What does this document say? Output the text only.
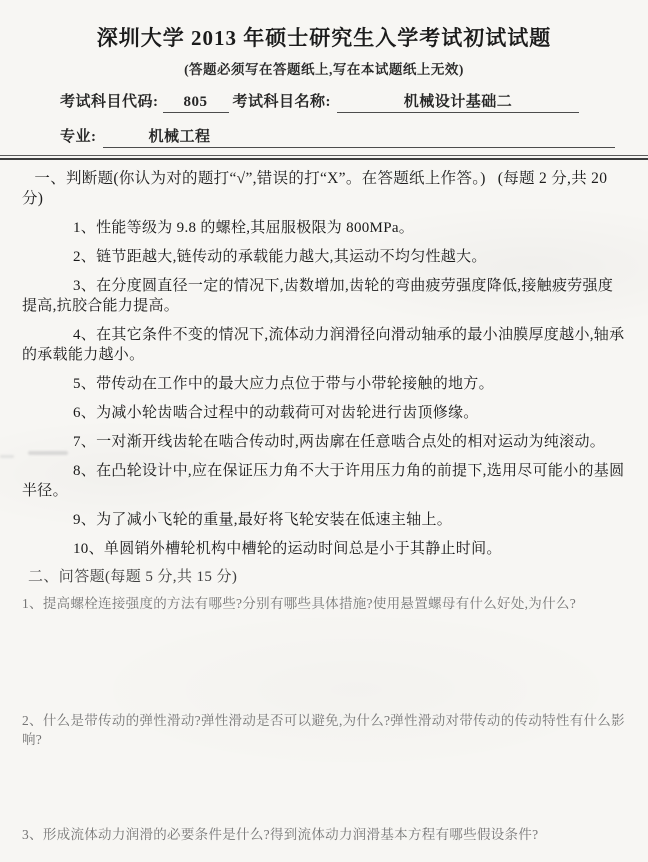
深圳大学 2013 年硕士研究生入学考试初试试题
(答题必须写在答题纸上,写在本试题纸上无效)
考试科目代码: 805 考试科目名称:	机械设计基础二
专业:	机械工程

一、判断题(你认为对的题打“√”,错误的打“X”。在答题纸上作答。) (每题 2 分,共 20 分)

1、性能等级为 9.8 的螺栓,其屈服极限为 800MPa。

2、链节距越大,链传动的承载能力越大,其运动不均匀性越大。

3、在分度圆直径一定的情况下,齿数增加,齿轮的弯曲疲劳强度降低,接触疲劳强度提高,抗胶合能力提高。

4、在其它条件不变的情况下,流体动力润滑径向滑动轴承的最小油膜厚度越小,轴承的承载能力越小。

5、带传动在工作中的最大应力点位于带与小带轮接触的地方。

6、为减小轮齿啮合过程中的动载荷可对齿轮进行齿顶修缘。

7、一对渐开线齿轮在啮合传动时,两齿廓在任意啮合点处的相对运动为纯滚动。

8、在凸轮设计中,应在保证压力角不大于许用压力角的前提下,选用尽可能小的基圆半径。

9、为了减小飞轮的重量,最好将飞轮安装在低速主轴上。

10、单圆销外槽轮机构中槽轮的运动时间总是小于其静止时间。

二、问答题(每题 5 分,共 15 分)

1、提高螺栓连接强度的方法有哪些?分别有哪些具体措施?使用悬置螺母有什么好处,为什么?

2、什么是带传动的弹性滑动?弹性滑动是否可以避免,为什么?弹性滑动对带传动的传动特性有什么影响?

3、形成流体动力润滑的必要条件是什么?得到流体动力润滑基本方程有哪些假设条件?
